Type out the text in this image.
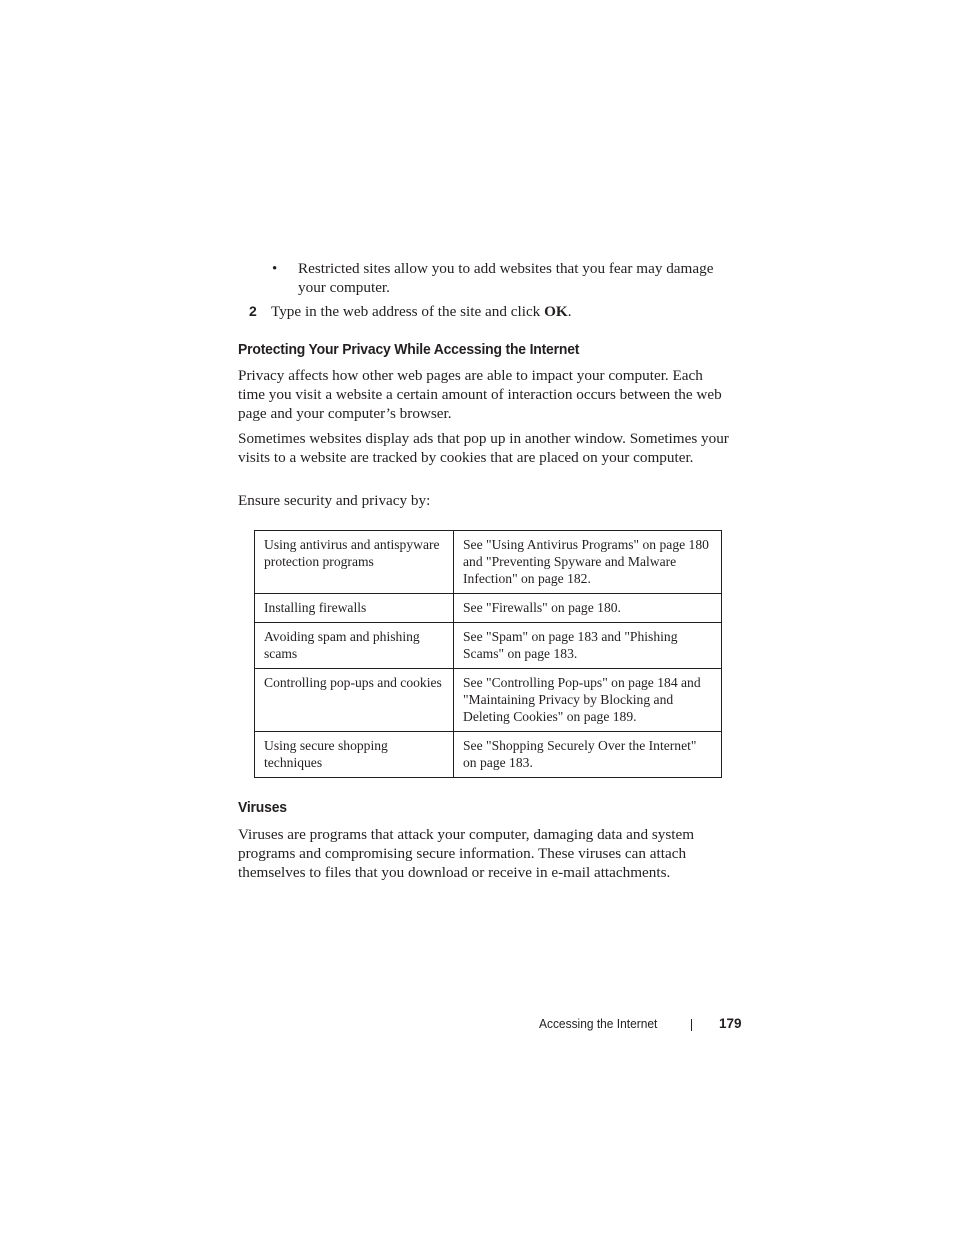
• Restricted sites allow you to add websites that you fear may damage your computer.

2 Type in the web address of the site and click OK.

Protecting Your Privacy While Accessing the Internet

Privacy affects how other web pages are able to impact your computer. Each time you visit a website a certain amount of interaction occurs between the web page and your computer’s browser.

Sometimes websites display ads that pop up in another window. Sometimes your visits to a website are tracked by cookies that are placed on your computer.

Ensure security and privacy by:

Using antivirus and antispyware protection programs	See "Using Antivirus Programs" on page 180 and "Preventing Spyware and Malware Infection" on page 182.
Installing firewalls	See "Firewalls" on page 180.
Avoiding spam and phishing scams	See "Spam" on page 183 and "Phishing Scams" on page 183.
Controlling pop-ups and cookies	See "Controlling Pop-ups" on page 184 and "Maintaining Privacy by Blocking and Deleting Cookies" on page 189.
Using secure shopping techniques	See "Shopping Securely Over the Internet" on page 183.
Viruses

Viruses are programs that attack your computer, damaging data and system programs and compromising secure information. These viruses can attach themselves to files that you download or receive in e-mail attachments.

Accessing the Internet	179
